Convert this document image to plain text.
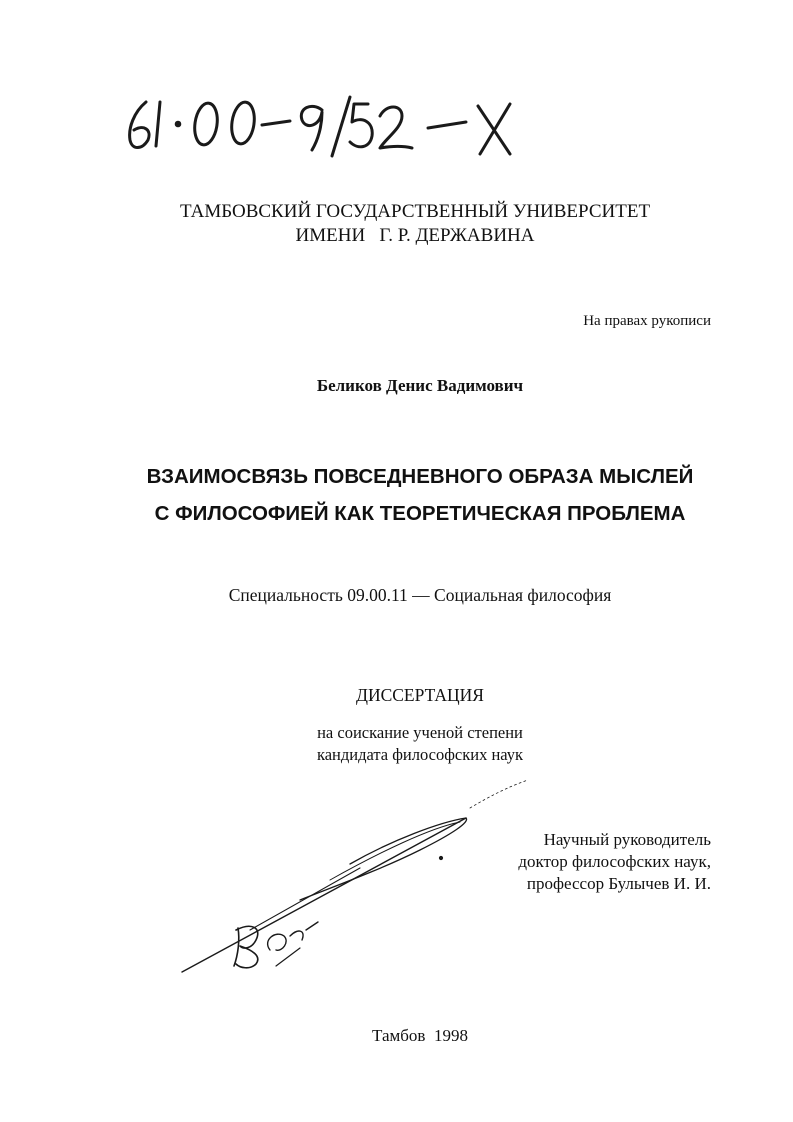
ТАМБОВСКИЙ ГОСУДАРСТВЕННЫЙ УНИВЕРСИТЕТ
ИМЕНИ   Г. Р. ДЕРЖАВИНА
На правах рукописи
Беликов Денис Вадимович
ВЗАИМОСВЯЗЬ ПОВСЕДНЕВНОГО ОБРАЗА МЫСЛЕЙ
С ФИЛОСОФИЕЙ КАК ТЕОРЕТИЧЕСКАЯ ПРОБЛЕМА
Специальность 09.00.11 — Социальная философия
ДИССЕРТАЦИЯ
на соискание ученой степени
кандидата философских наук
Научный руководитель
доктор философских наук,
профессор Булычев И. И.
Тамбов 1998
